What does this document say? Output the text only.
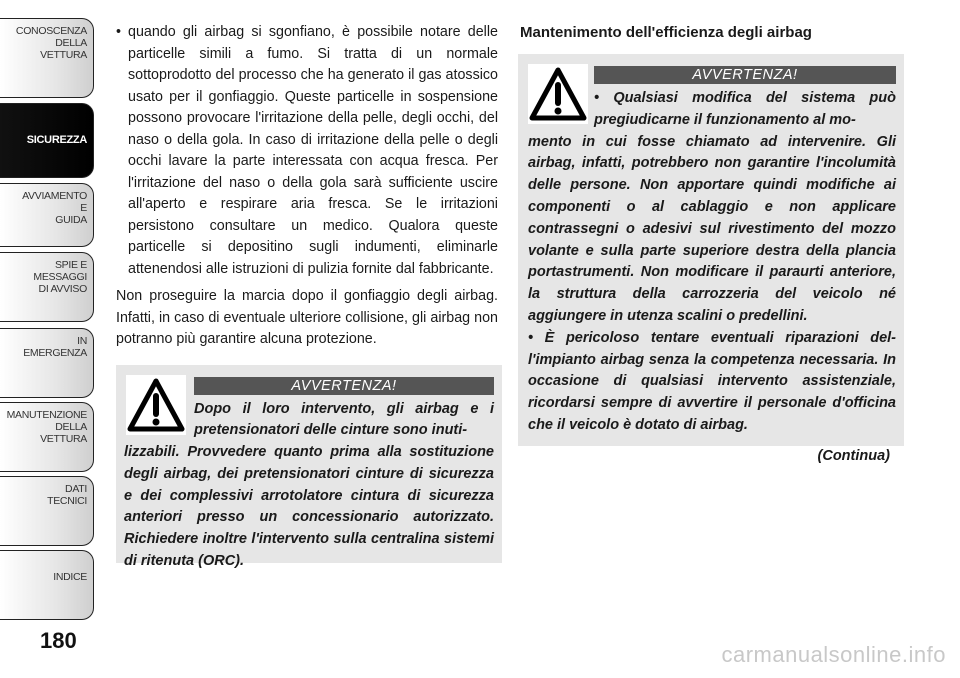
CONOSCENZA
DELLA
VETTURA
SICUREZZA
AVVIAMENTO
E
GUIDA
SPIE E
MESSAGGI
DI AVVISO
IN
EMERGENZA
MANUTENZIONE
DELLA
VETTURA
DATI
TECNICI
INDICE
180

• quando gli airbag si sgonfiano, è possibile notare delle particelle simili a fumo. Si tratta di un normale sottoprodotto del processo che ha generato il gas atossico usato per il gonfiaggio. Queste particelle in sospensione possono provocare l'irritazione della pelle, degli occhi, del naso o della gola. In caso di irritazione della pelle o degli occhi lavare la parte interessata con acqua fresca. Per l'irritazione del naso o della gola sarà sufficiente uscire all'aperto e respirare aria fresca. Se le irritazioni persistono consultare un medico. Qualora queste particelle si depositino sugli indumenti, eliminarle attenendosi alle istruzioni di pulizia fornite dal fabbricante.

Non proseguire la marcia dopo il gonfiaggio degli airbag. Infatti, in caso di eventuale ulteriore collisione, gli airbag non potranno più garantire alcuna protezione.

AVVERTENZA!

Dopo il loro intervento, gli airbag e i pretensionatori delle cinture sono inuti-
lizzabili. Provvedere quanto prima alla sostituzione degli airbag, dei pretensionatori cinture di sicurezza e dei complessivi arrotolatore cintura di sicurezza anteriori presso un concessionario autorizzato. Richiedere inoltre l'intervento sulla centralina sistemi di ritenuta (ORC).

Mantenimento dell'efficienza degli airbag
AVVERTENZA!

• Qualsiasi modifica del sistema può pregiudicarne il funzionamento al mo-
mento in cui fosse chiamato ad intervenire. Gli airbag, infatti, potrebbero non garantire l'incolumità delle persone. Non apportare quindi modifiche ai componenti o al cablaggio e non applicare contrassegni o adesivi sul rivestimento del mozzo volante e sulla parte superiore destra della plancia portastrumenti. Non modificare il paraurti anteriore, la struttura della carrozzeria del veicolo né aggiungere in utenza scalini o predellini.

• È pericoloso tentare eventuali riparazioni del-l'impianto airbag senza la competenza necessaria. In occasione di qualsiasi intervento assistenziale, ricordarsi sempre di avvertire il personale d'officina che il veicolo è dotato di airbag.

(Continua)
carmanualsonline.info
